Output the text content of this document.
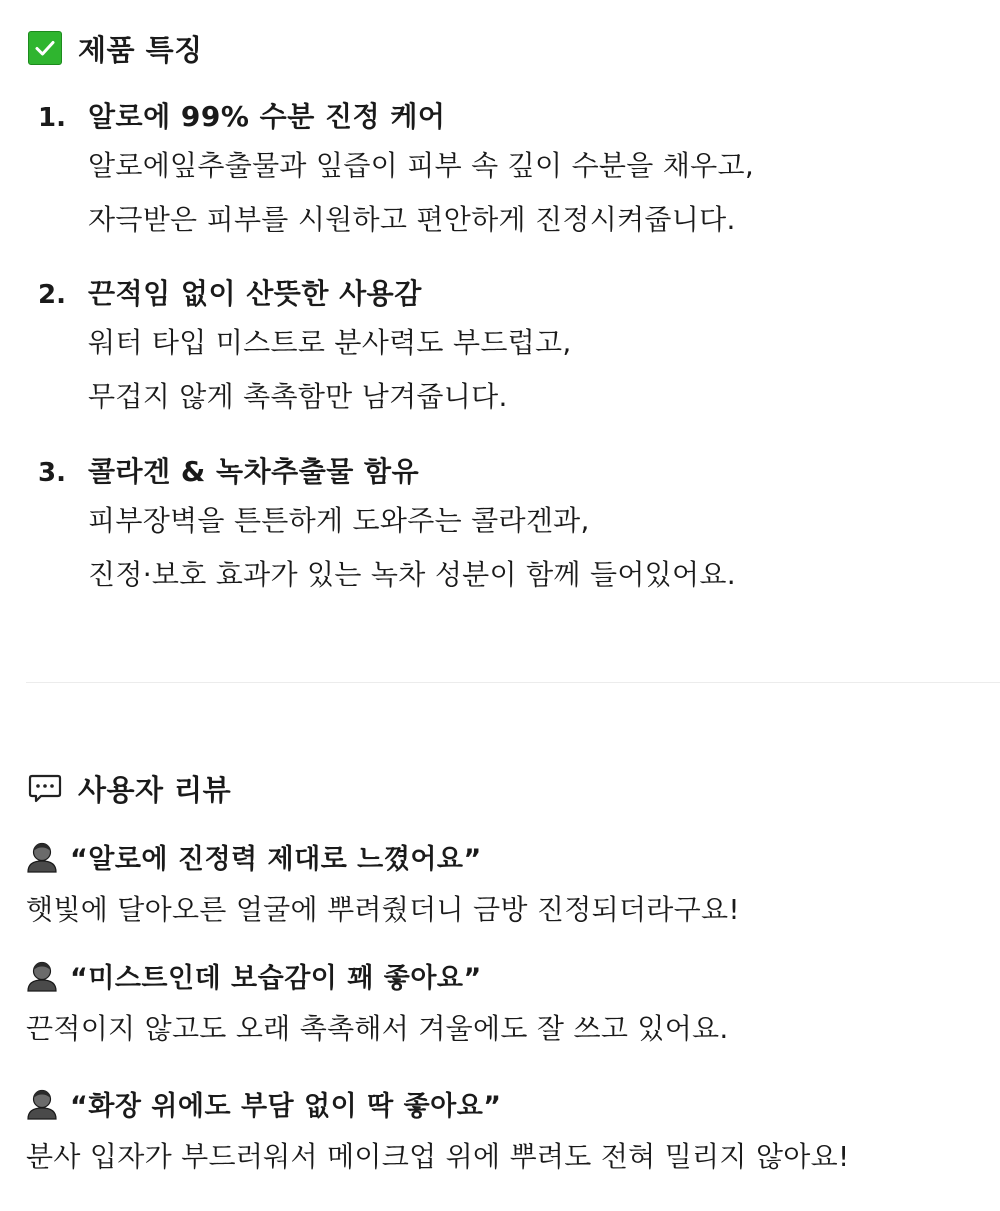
제품 특징
1. 알로에 99% 수분 진정 케어
알로에잎추출물과 잎즙이 피부 속 깊이 수분을 채우고,
자극받은 피부를 시원하고 편안하게 진정시켜줍니다.
2. 끈적임 없이 산뜻한 사용감
워터 타입 미스트로 분사력도 부드럽고,
무겁지 않게 촉촉함만 남겨줍니다.
3. 콜라겐 & 녹차추출물 함유
피부장벽을 튼튼하게 도와주는 콜라겐과,
진정·보호 효과가 있는 녹차 성분이 함께 들어있어요.
사용자 리뷰
“알로에 진정력 제대로 느꼈어요”
햇빛에 달아오른 얼굴에 뿌려줬더니 금방 진정되더라구요!
“미스트인데 보습감이 꽤 좋아요”
끈적이지 않고도 오래 촉촉해서 겨울에도 잘 쓰고 있어요.
“화장 위에도 부담 없이 딱 좋아요”
분사 입자가 부드러워서 메이크업 위에 뿌려도 전혀 밀리지 않아요!
